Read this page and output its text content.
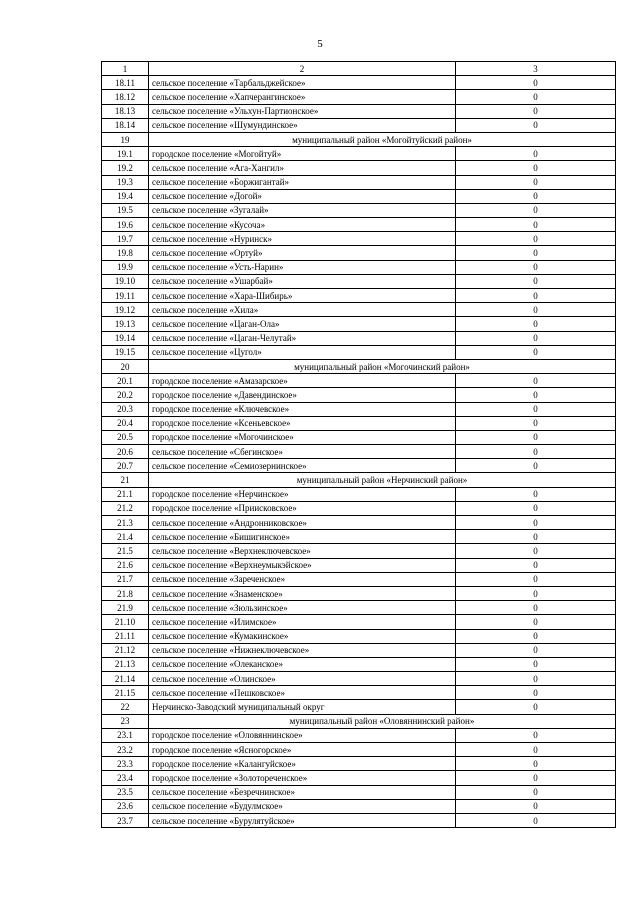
5
1	2	3
18.11	сельское поселение «Тарбальджейское»	0
18.12	сельское поселение «Хапчерангинское»	0
18.13	сельское поселение «Ульхун-Партионское»	0
18.14	сельское поселение «Шумундинское»	0
19	муниципальный район «Могойтуйский район»	
19.1	городское поселение «Могойтуй»	0
19.2	сельское поселение «Ага-Хангил»	0
19.3	сельское поселение «Боржигантай»	0
19.4	сельское поселение «Догой»	0
19.5	сельское поселение «Зугалай»	0
19.6	сельское поселение «Кусоча»	0
19.7	сельское поселение «Нуринск»	0
19.8	сельское поселение «Ортуй»	0
19.9	сельское поселение «Усть-Нарин»	0
19.10	сельское поселение «Ушарбай»	0
19.11	сельское поселение «Хара-Шибирь»	0
19.12	сельское поселение «Хила»	0
19.13	сельское поселение «Цаган-Ола»	0
19.14	сельское поселение «Цаган-Челутай»	0
19.15	сельское поселение «Цугол»	0
20	муниципальный район «Могочинский район»	
20.1	городское поселение «Амазарское»	0
20.2	городское поселение «Давендинское»	0
20.3	городское поселение «Ключевское»	0
20.4	городское поселение «Ксеньевское»	0
20.5	городское поселение «Могочинское»	0
20.6	сельское поселение «Сбегинское»	0
20.7	сельское поселение «Семиозернинское»	0
21	муниципальный район «Нерчинский район»	
21.1	городское поселение «Нерчинское»	0
21.2	городское поселение «Приисковское»	0
21.3	сельское поселение «Андронниковское»	0
21.4	сельское поселение «Бишигинское»	0
21.5	сельское поселение «Верхнеключевское»	0
21.6	сельское поселение «Верхнеумыкэйское»	0
21.7	сельское поселение «Зареченское»	0
21.8	сельское поселение «Знаменское»	0
21.9	сельское поселение «Зюльзинское»	0
21.10	сельское поселение «Илимское»	0
21.11	сельское поселение «Кумакинское»	0
21.12	сельское поселение «Нижнеключевское»	0
21.13	сельское поселение «Олеканское»	0
21.14	сельское поселение «Олинское»	0
21.15	сельское поселение «Пешковское»	0
22	Нерчинско-Заводский муниципальный округ	0
23	муниципальный район «Оловяннинский район»	
23.1	городское поселение «Оловяннинское»	0
23.2	городское поселение «Ясногорское»	0
23.3	городское поселение «Калангуйское»	0
23.4	городское поселение «Золотореченское»	0
23.5	сельское поселение «Безречнинское»	0
23.6	сельское поселение «Будулмское»	0
23.7	сельское поселение «Бурулятуйское»	0
